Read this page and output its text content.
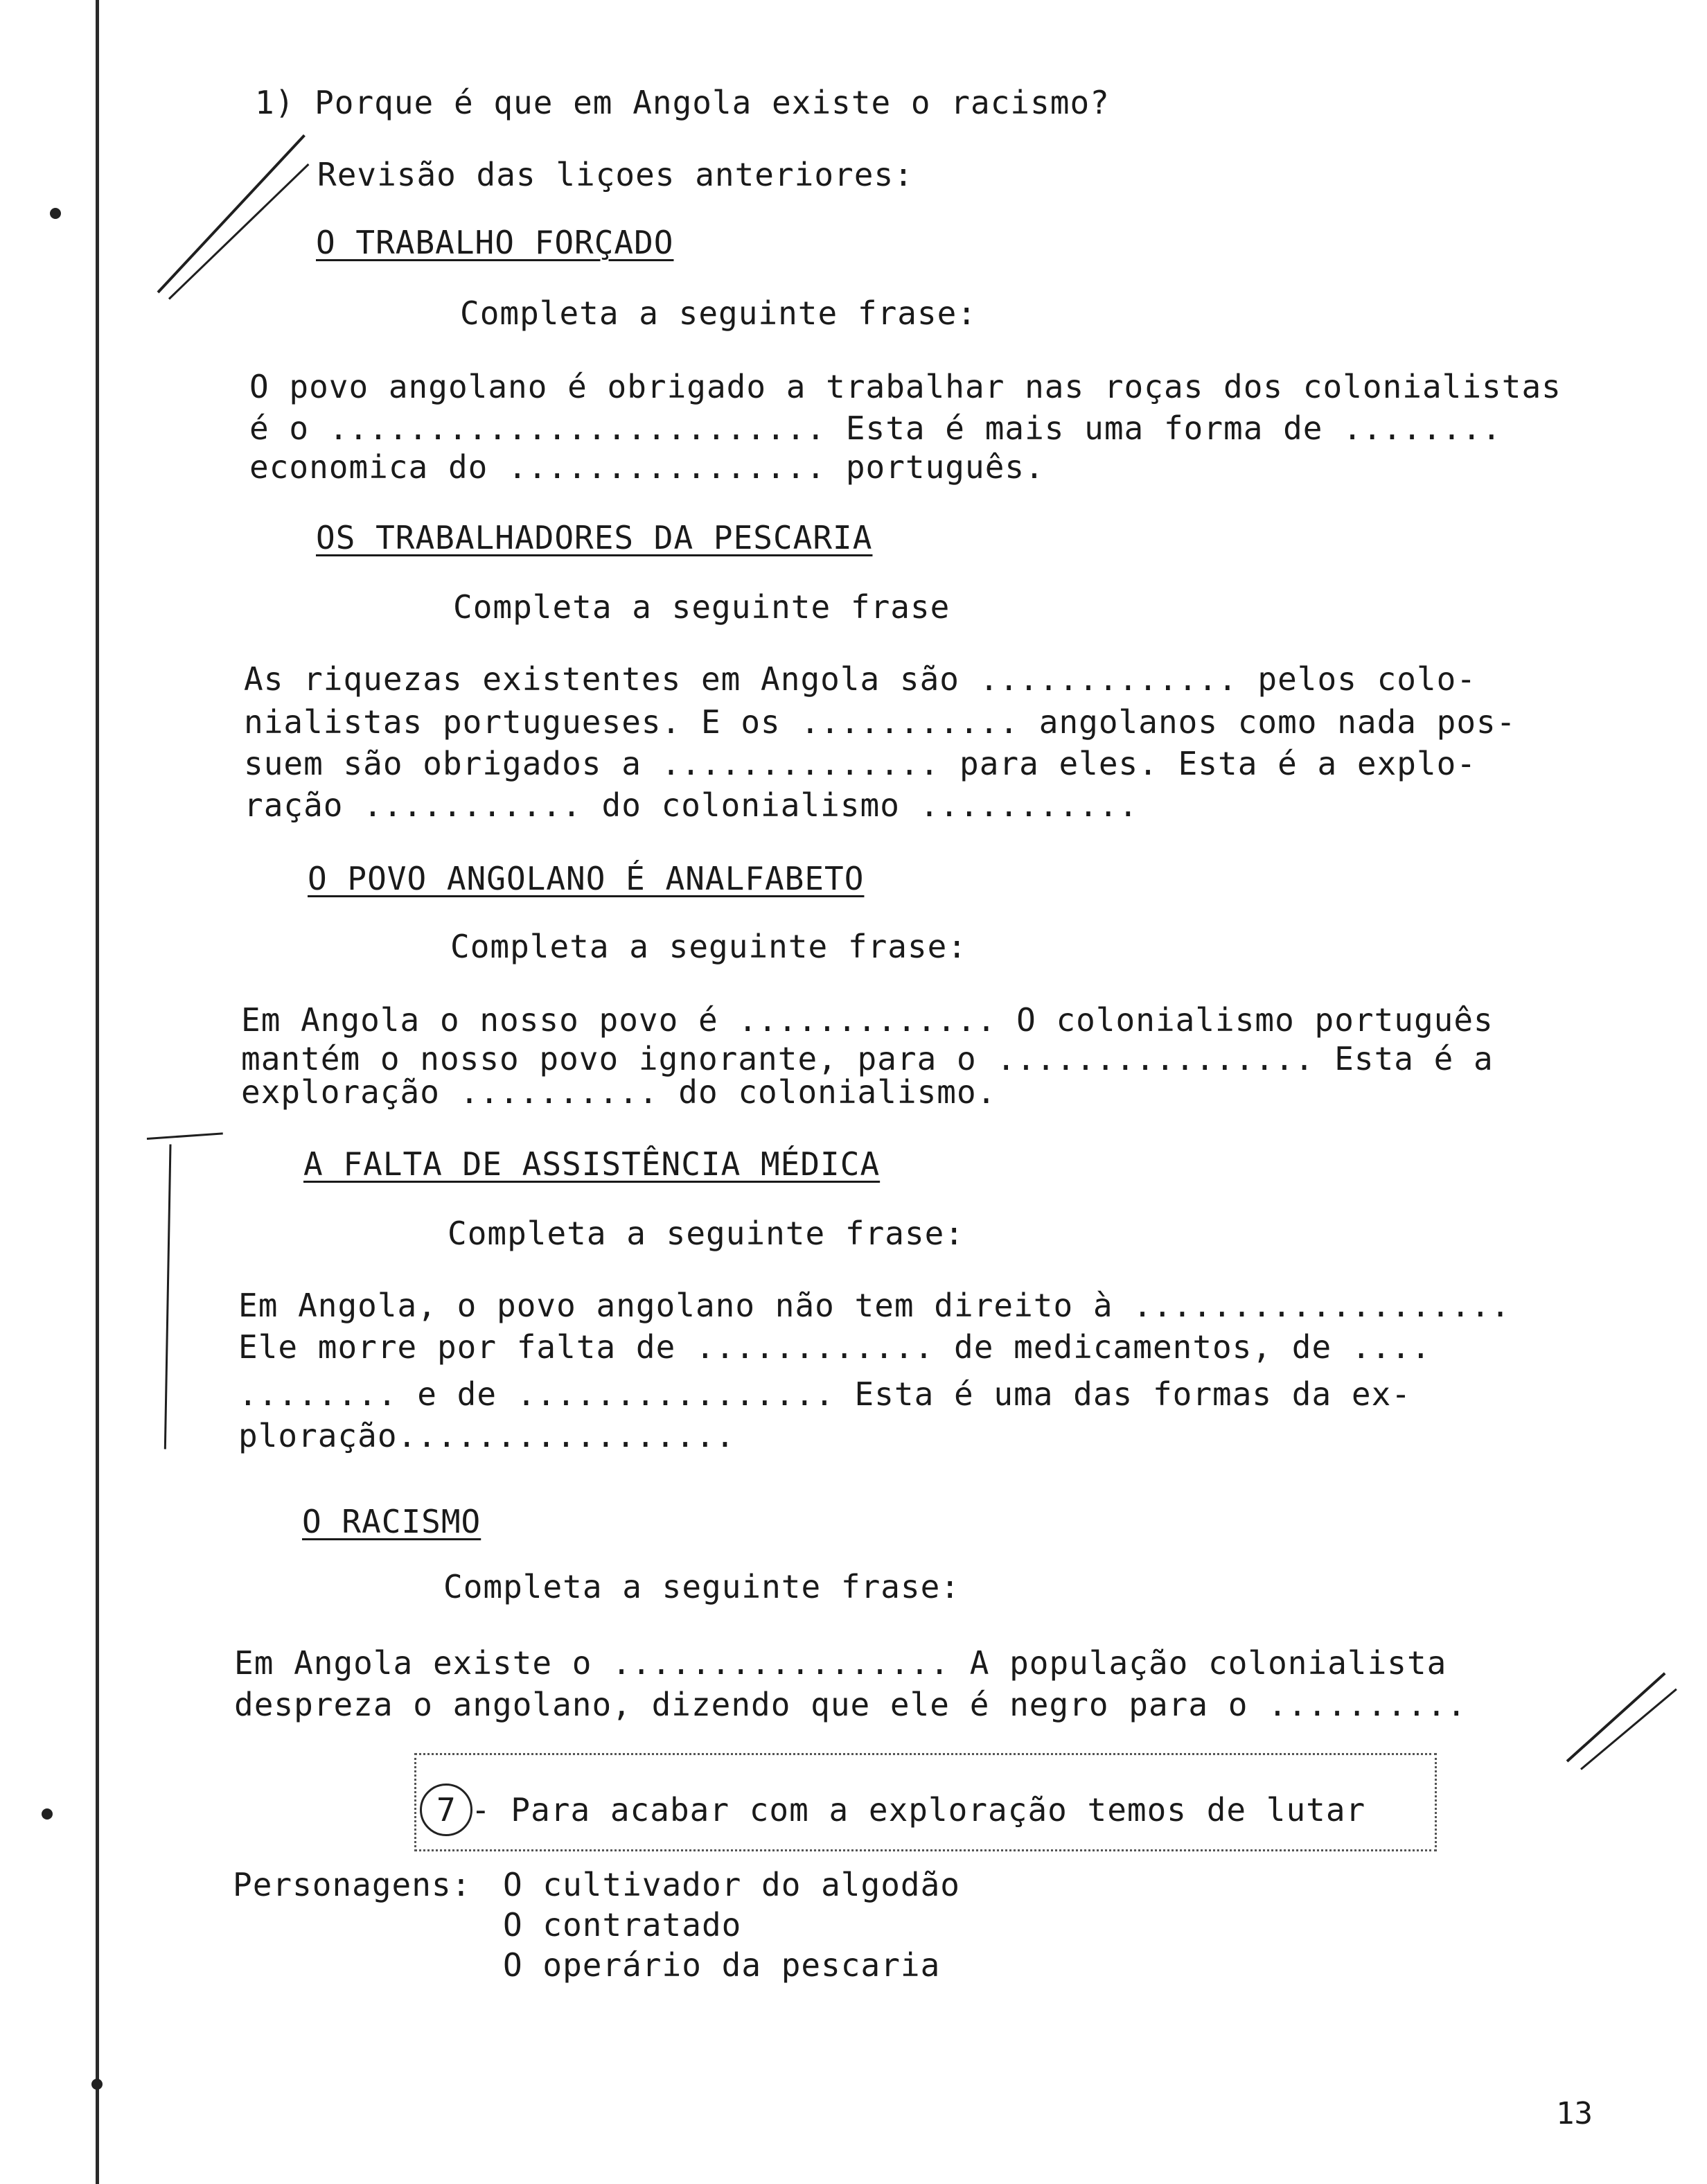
1) Porque é que em Angola existe o racismo?
Revisão das liçoes anteriores:
O TRABALHO FORÇADO
Completa a seguinte frase:
O povo angolano é obrigado a trabalhar nas roças dos colonialistas
é o ......................... Esta é mais uma forma de ........
economica do ................ português.
OS TRABALHADORES DA PESCARIA
Completa a seguinte frase
As riquezas existentes em Angola são ............. pelos colo-
nialistas portugueses. E os ........... angolanos como nada pos-
suem são obrigados a .............. para eles. Esta é a explo-
ração ........... do colonialismo ...........
O POVO ANGOLANO É ANALFABETO
Completa a seguinte frase:
Em Angola o nosso povo é ............. O colonialismo português
mantém o nosso povo ignorante, para o ................ Esta é a
exploração .......... do colonialismo.
A FALTA DE ASSISTÊNCIA MÉDICA
Completa a seguinte frase:
Em Angola, o povo angolano não tem direito à ...................
Ele morre por falta de ............ de medicamentos, de ....
........ e de ................ Esta é uma das formas da ex-
ploração.................
O RACISMO
Completa a seguinte frase:
Em Angola existe o ................. A população colonialista
despreza o angolano, dizendo que ele é negro para o ..........
7 - Para acabar com a exploração temos de lutar
Personagens: O cultivador do algodão
O contratado
O operário da pescaria
13
